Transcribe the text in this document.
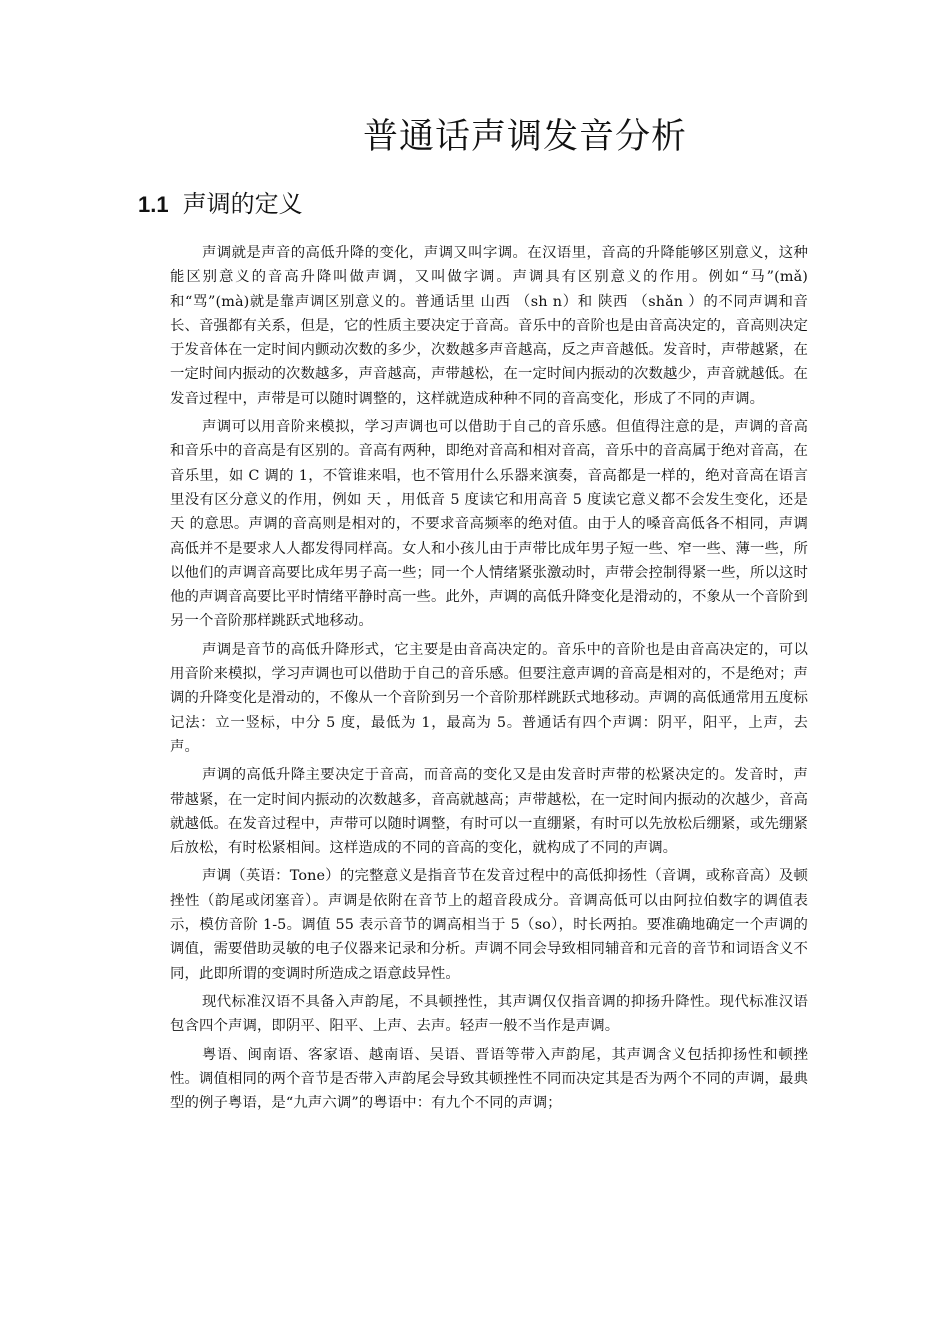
普通话声调发音分析
1.1 声调的定义

声调就是声音的高低升降的变化，声调又叫字调。在汉语里，音高的升降能够区别意义，这种能区别意义的音高升降叫做声调，又叫做字调。声调具有区别意义的作用。例如“马”(mǎ)和“骂”(mà)就是靠声调区别意义的。普通话里 山西 （sh n）和 陕西 （shǎn ）的不同声调和音长、音强都有关系，但是，它的性质主要决定于音高。音乐中的音阶也是由音高决定的，音高则决定于发音体在一定时间内颤动次数的多少，次数越多声音越高，反之声音越低。发音时，声带越紧，在一定时间内振动的次数越多，声音越高，声带越松，在一定时间内振动的次数越少，声音就越低。在发音过程中，声带是可以随时调整的，这样就造成种种不同的音高变化，形成了不同的声调。

声调可以用音阶来模拟，学习声调也可以借助于自己的音乐感。但值得注意的是，声调的音高和音乐中的音高是有区别的。音高有两种，即绝对音高和相对音高，音乐中的音高属于绝对音高，在音乐里，如 C 调的 1，不管谁来唱，也不管用什么乐器来演奏，音高都是一样的，绝对音高在语言里没有区分意义的作用，例如 天 ，用低音 5 度读它和用高音 5 度读它意义都不会发生变化，还是 天 的意思。声调的音高则是相对的，不要求音高频率的绝对值。由于人的嗓音高低各不相同，声调高低并不是要求人人都发得同样高。女人和小孩儿由于声带比成年男子短一些、窄一些、薄一些，所以他们的声调音高要比成年男子高一些；同一个人情绪紧张激动时，声带会控制得紧一些，所以这时他的声调音高要比平时情绪平静时高一些。此外，声调的高低升降变化是滑动的，不象从一个音阶到另一个音阶那样跳跃式地移动。

声调是音节的高低升降形式，它主要是由音高决定的。音乐中的音阶也是由音高决定的，可以用音阶来模拟，学习声调也可以借助于自己的音乐感。但要注意声调的音高是相对的，不是绝对；声调的升降变化是滑动的，不像从一个音阶到另一个音阶那样跳跃式地移动。声调的高低通常用五度标记法：立一竖标，中分 5 度，最低为 1，最高为 5。普通话有四个声调：阴平，阳平，上声，去声。

声调的高低升降主要决定于音高，而音高的变化又是由发音时声带的松紧决定的。发音时，声带越紧，在一定时间内振动的次数越多，音高就越高；声带越松，在一定时间内振动的次越少，音高就越低。在发音过程中，声带可以随时调整，有时可以一直绷紧，有时可以先放松后绷紧，或先绷紧后放松，有时松紧相间。这样造成的不同的音高的变化，就构成了不同的声调。

声调（英语：Tone）的完整意义是指音节在发音过程中的高低抑扬性（音调，或称音高）及顿挫性（韵尾或闭塞音）。声调是依附在音节上的超音段成分。音调高低可以由阿拉伯数字的调值表示，模仿音阶 1-5。调值 55 表示音节的调高相当于 5（so），时长两拍。要准确地确定一个声调的调值，需要借助灵敏的电子仪器来记录和分析。声调不同会导致相同辅音和元音的音节和词语含义不同，此即所谓的变调时所造成之语意歧异性。

现代标准汉语不具备入声韵尾，不具顿挫性，其声调仅仅指音调的抑扬升降性。现代标准汉语包含四个声调，即阴平、阳平、上声、去声。轻声一般不当作是声调。

粤语、闽南语、客家语、越南语、吴语、晋语等带入声韵尾，其声调含义包括抑扬性和顿挫性。调值相同的两个音节是否带入声韵尾会导致其顿挫性不同而决定其是否为两个不同的声调，最典型的例子粤语，是“九声六调”的粤语中：有九个不同的声调；
